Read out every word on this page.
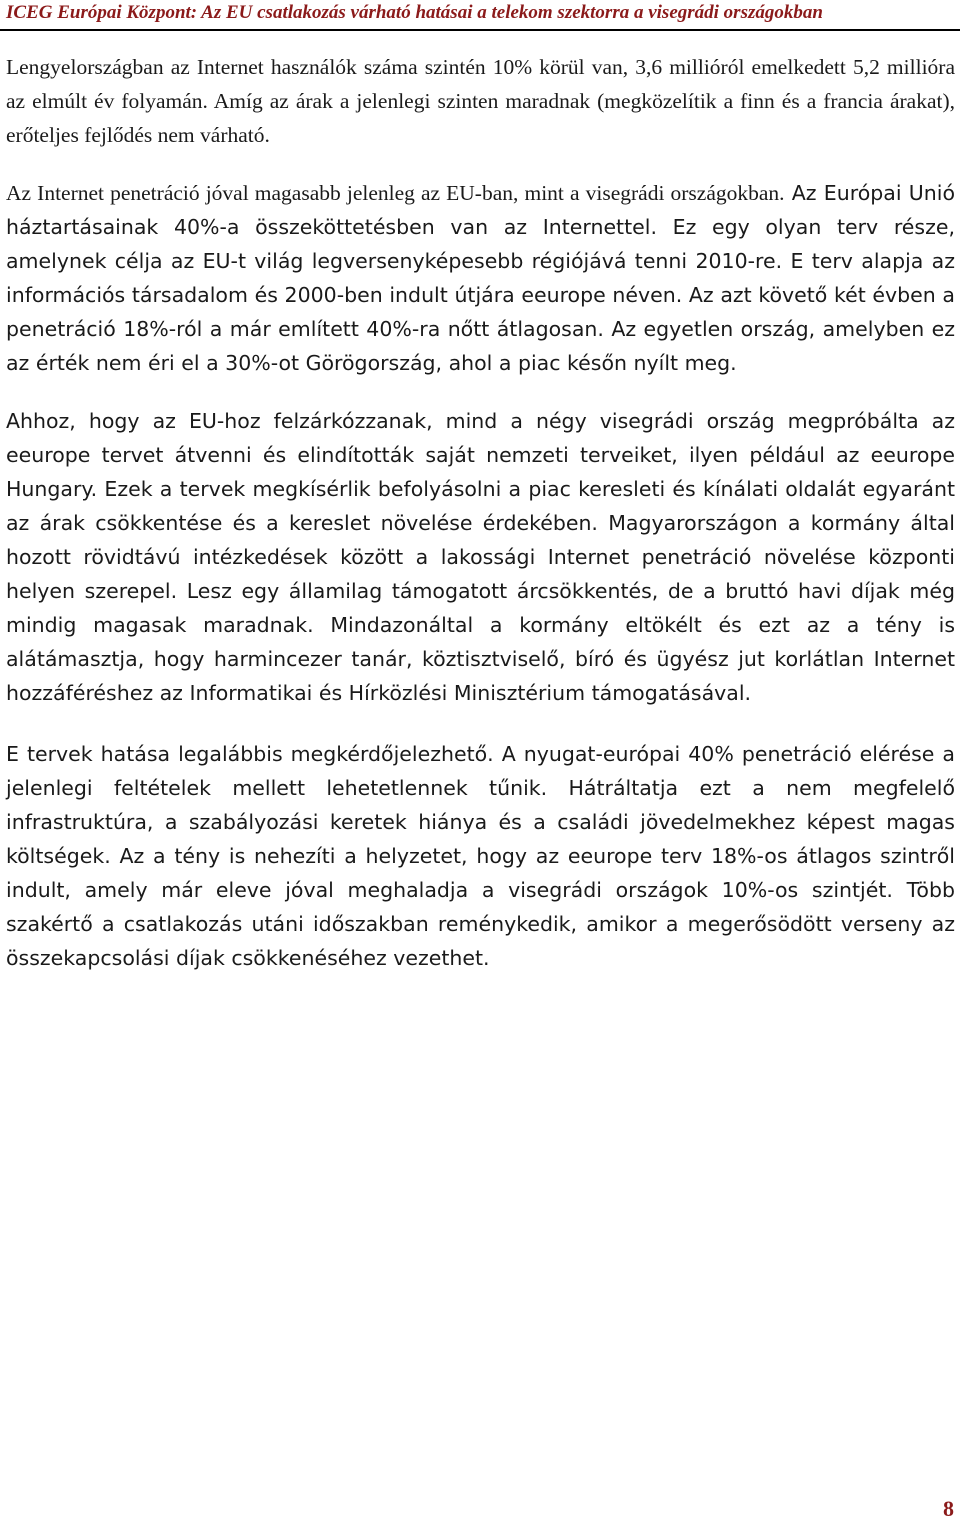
ICEG Európai Központ: Az EU csatlakozás várható hatásai a telekom szektorra a visegrádi országokban

Lengyelországban az Internet használók száma szintén 10% körül van, 3,6 millióról emelkedett 5,2 millióra az elmúlt év folyamán. Amíg az árak a jelenlegi szinten maradnak (megközelítik a finn és a francia árakat), erőteljes fejlődés nem várható.

Az Internet penetráció jóval magasabb jelenleg az EU-ban, mint a visegrádi országokban. Az Európai Unió háztartásainak 40%-a összeköttetésben van az Internettel. Ez egy olyan terv része, amelynek célja az EU-t világ legversenyképesebb régiójává tenni 2010-re. E terv alapja az információs társadalom és 2000-ben indult útjára eeurope néven. Az azt követő két évben a penetráció 18%-ról a már említett 40%-ra nőtt átlagosan. Az egyetlen ország, amelyben ez az érték nem éri el a 30%-ot Görögország, ahol a piac későn nyílt meg.

Ahhoz, hogy az EU-hoz felzárkózzanak, mind a négy visegrádi ország megpróbálta az eeurope tervet átvenni és elindították saját nemzeti terveiket, ilyen például az eeurope Hungary. Ezek a tervek megkísérlik befolyásolni a piac keresleti és kínálati oldalát egyaránt az árak csökkentése és a kereslet növelése érdekében. Magyarországon a kormány által hozott rövidtávú intézkedések között a lakossági Internet penetráció növelése központi helyen szerepel. Lesz egy államilag támogatott árcsökkentés, de a bruttó havi díjak még mindig magasak maradnak. Mindazonáltal a kormány eltökélt és ezt az a tény is alátámasztja, hogy harmincezer tanár, köztisztviselő, bíró és ügyész jut korlátlan Internet hozzáféréshez az Informatikai és Hírközlési Minisztérium támogatásával.

E tervek hatása legalábbis megkérdőjelezhető. A nyugat-európai 40% penetráció elérése a jelenlegi feltételek mellett lehetetlennek tűnik. Hátráltatja ezt a nem megfelelő infrastruktúra, a szabályozási keretek hiánya és a családi jövedelmekhez képest magas költségek. Az a tény is nehezíti a helyzetet, hogy az eeurope terv 18%-os átlagos szintről indult, amely már eleve jóval meghaladja a visegrádi országok 10%-os szintjét. Több szakértő a csatlakozás utáni időszakban reménykedik, amikor a megerősödött verseny az összekapcsolási díjak csökkenéséhez vezethet.

8
